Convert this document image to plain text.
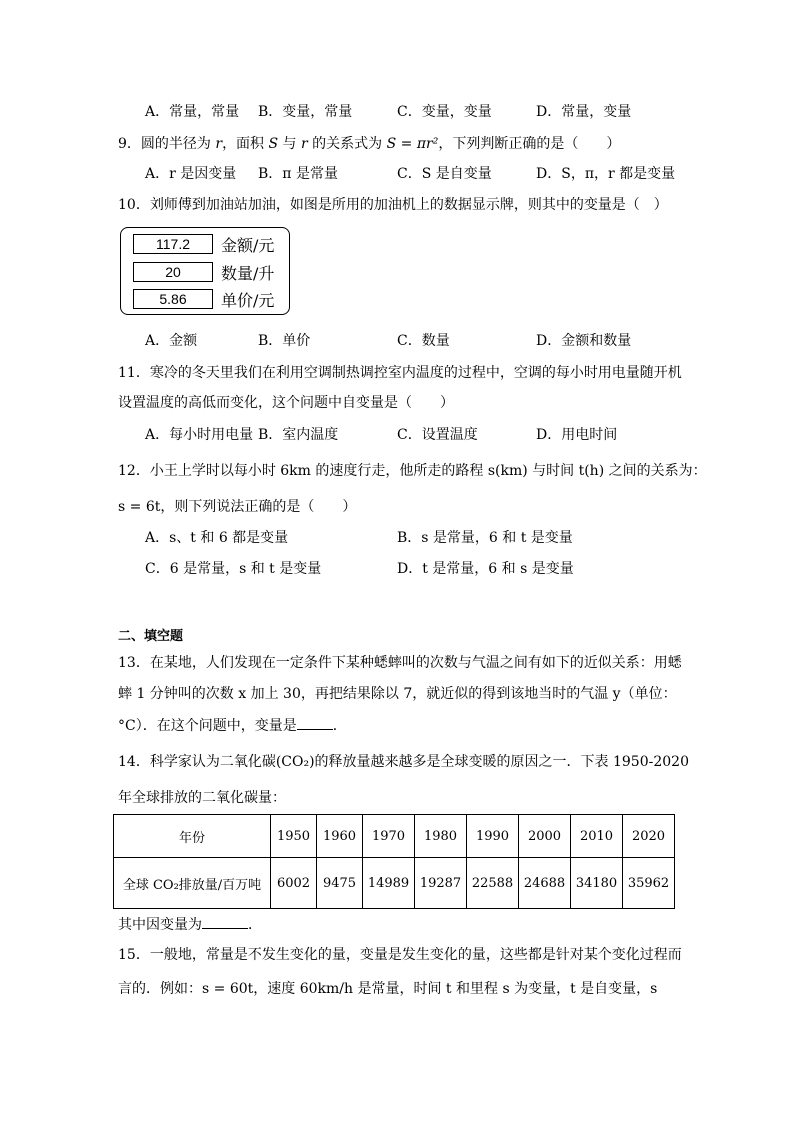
A．常量，常量 B．变量，常量	C．变量，变量	D．常量，变量
9．圆的半径为 r，面积 S 与 r 的关系式为 S = πr²，下列判断正确的是（　　）
A．r 是因变量 B．π 是常量	C．S 是自变量	D．S，π，r 都是变量
10．刘师傅到加油站加油，如图是所用的加油机上的数据显示牌，则其中的变量是（　）
117.2	金额/元
20	数量/升
5.86	单价/元
A．金额	B．单价	C．数量	D．金额和数量
11．寒冷的冬天里我们在利用空调制热调控室内温度的过程中，空调的每小时用电量随开机
设置温度的高低而变化，这个问题中自变量是（　　）
A．每小时用电量 B．室内温度	C．设置温度	D．用电时间
12．小王上学时以每小时 6km 的速度行走，他所走的路程 s(km) 与时间 t(h) 之间的关系为：
s = 6t，则下列说法正确的是（　　）
A．s、t 和 6 都是变量	B．s 是常量，6 和 t 是变量
C．6 是常量，s 和 t 是变量	D．t 是常量，6 和 s 是变量
二、填空题
13．在某地，人们发现在一定条件下某种蟋蟀叫的次数与气温之间有如下的近似关系：用蟋
蟀 1 分钟叫的次数 x 加上 30，再把结果除以 7，就近似的得到该地当时的气温 y（单位：
°C）．在这个问题中，变量是	．
14．科学家认为二氧化碳(CO₂)的释放量越来越多是全球变暖的原因之一．下表 1950-2020
年全球排放的二氧化碳量：
年份	1950	1960	1970	1980	1990	2000	2010	2020
全球 CO₂排放量/百万吨	6002	9475	14989	19287	22588	24688	34180	35962
其中因变量为	．
15．一般地，常量是不发生变化的量，变量是发生变化的量，这些都是针对某个变化过程而
言的．例如：s = 60t，速度 60km/h 是常量，时间 t 和里程 s 为变量，t 是自变量，s
